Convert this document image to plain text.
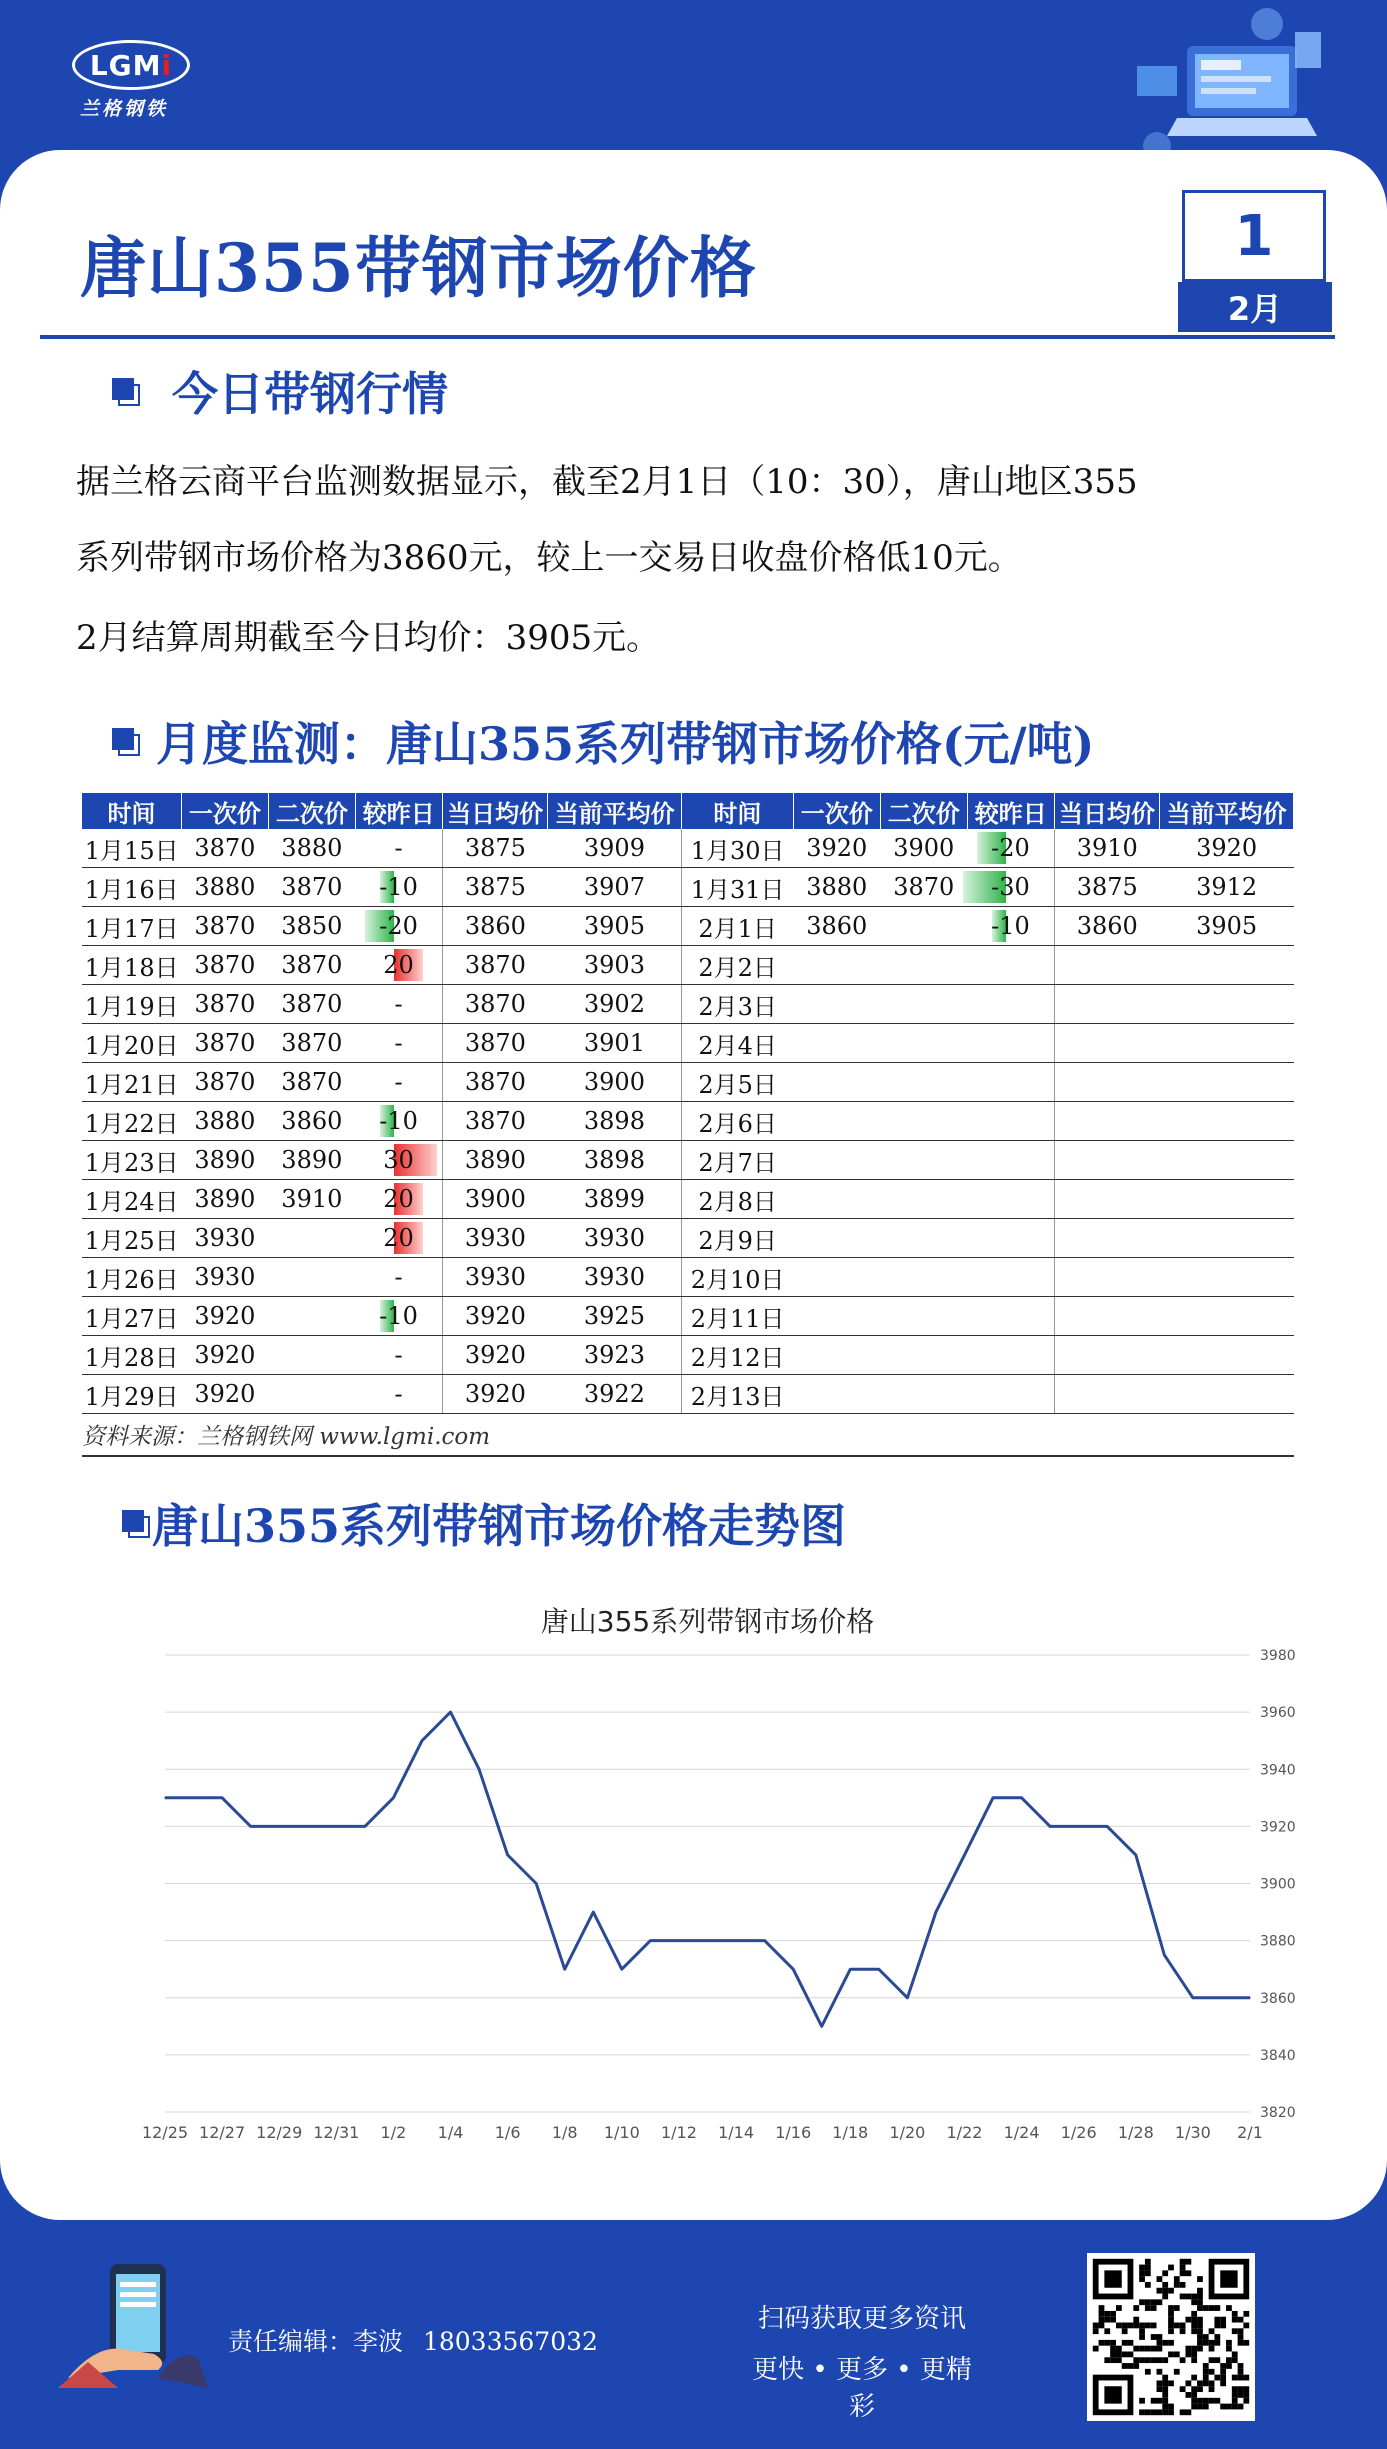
LGM i
兰格钢铁
唐山355带钢市场价格	1
2月
今日带钢行情
据兰格云商平台监测数据显示，截至2月1日（10：30），唐山地区355
系列带钢市场价格为3860元，较上一交易日收盘价格低10元。
2月结算周期截至今日均价：3905元。
月度监测：唐山355系列带钢市场价格(元/吨)
时间	一次价	二次价	较昨日	当日均价	当前平均价	时间	一次价	二次价	较昨日	当日均价	当前平均价
1月15日	3870	3880	-	3875	3909	1月30日	3920	3900	-20	3910	3920
1月16日	3880	3870	-10	3875	3907	1月31日	3880	3870	-30	3875	3912
1月17日	3870	3850	-20	3860	3905	2月1日	3860		-10	3860	3905
1月18日	3870	3870	20	3870	3903	2月2日			

1月19日	3870	3870	-	3870	3902	2月3日			

1月20日	3870	3870	-	3870	3901	2月4日			

1月21日	3870	3870	-	3870	3900	2月5日			

1月22日	3880	3860	-10	3870	3898	2月6日			

1月23日	3890	3890	30	3890	3898	2月7日			

1月24日	3890	3910	20	3900	3899	2月8日			

1月25日	3930		20	3930	3930	2月9日			

1月26日	3930		-	3930	3930	2月10日			

1月27日	3920		-10	3920	3925	2月11日			

1月28日	3920		-	3920	3923	2月12日			

1月29日	3920		-	3920	3922	2月13日			

资料来源：兰格钢铁网 www.lgmi.com
唐山355系列带钢市场价格走势图
唐山355系列带钢市场价格
3820
3840
3860
3880
3900
3920
3940
3960
3980
12/25 12/27 12/29 12/31 1/2 1/4 1/6 1/8 1/10 1/12 1/14 1/16 1/18 1/20 1/22 1/24 1/26 1/28 1/30 2/1
责任编辑：李波 18033567032
扫码获取更多资讯
更快 • 更多 • 更精彩
